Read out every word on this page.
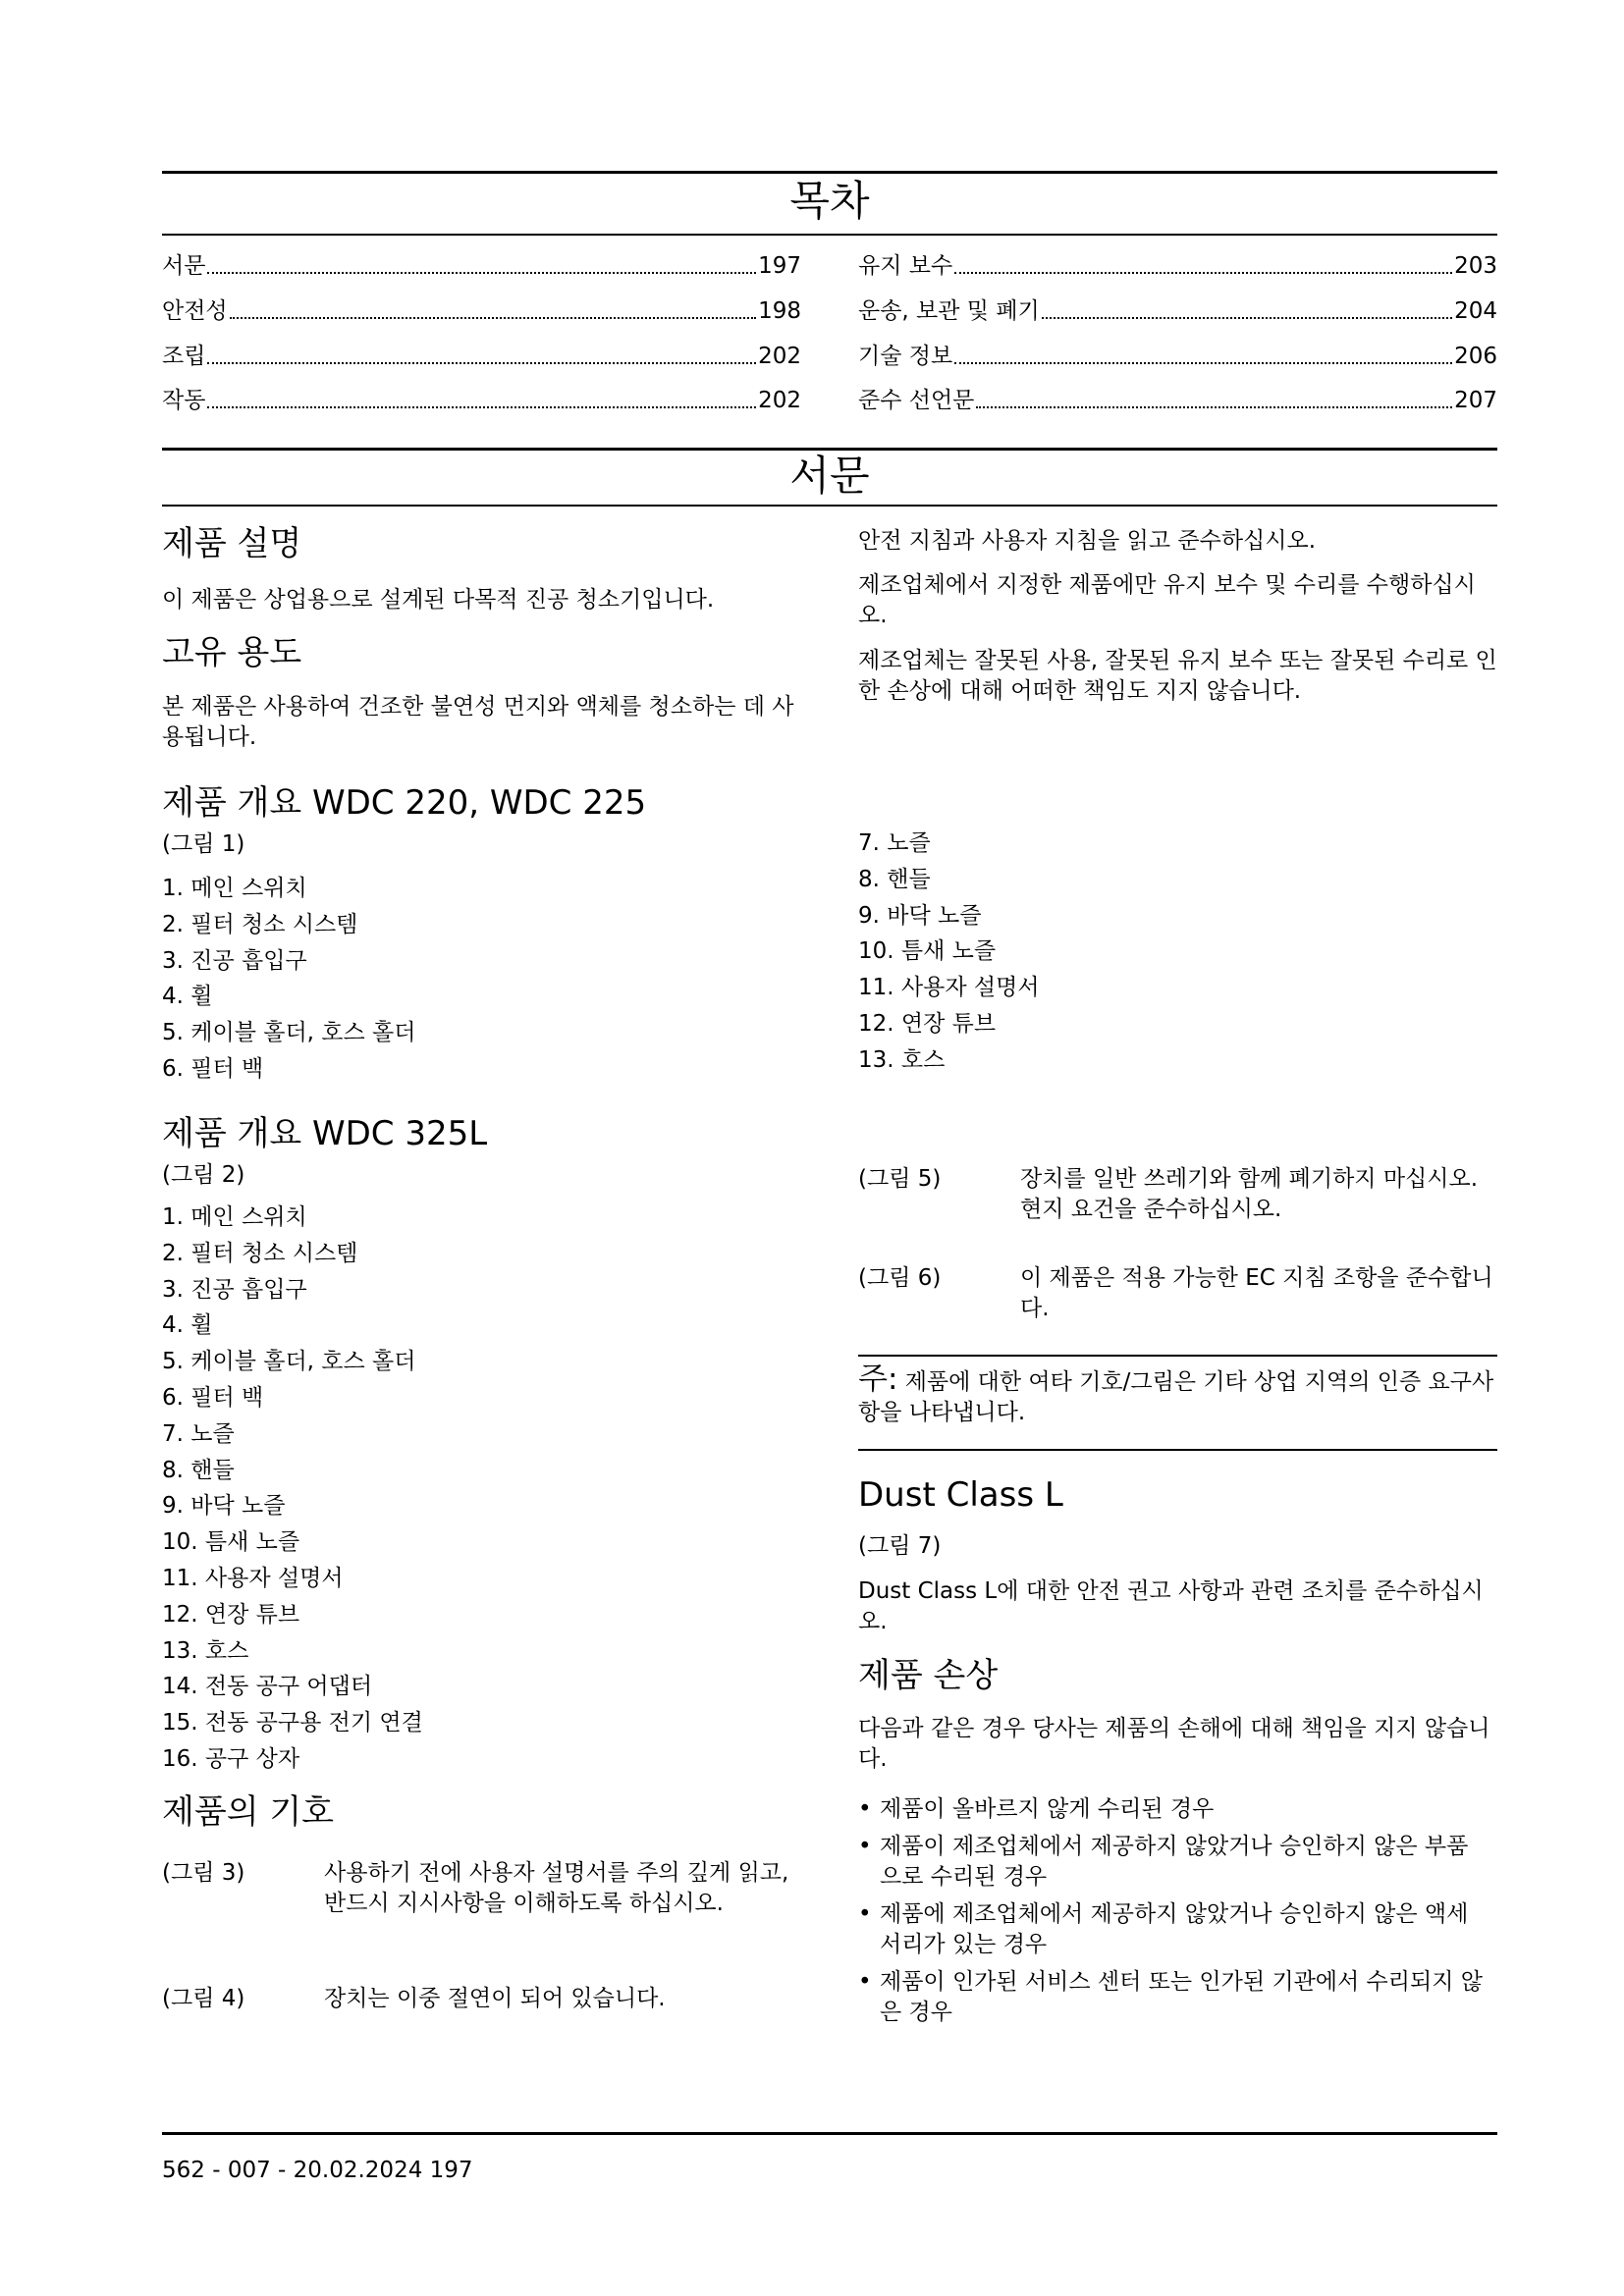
목차
서문	197
안전성	198
조립	202
작동	202
유지 보수	203
운송, 보관 및 폐기	204
기술 정보	206
준수 선언문	207
서문
제품 설명
이 제품은 상업용으로 설계된 다목적 진공 청소기입니다.
고유 용도
본 제품은 사용하여 건조한 불연성 먼지와 액체를 청소하는 데 사용됩니다.
안전 지침과 사용자 지침을 읽고 준수하십시오.
제조업체에서 지정한 제품에만 유지 보수 및 수리를 수행하십시오.
제조업체는 잘못된 사용, 잘못된 유지 보수 또는 잘못된 수리로 인한 손상에 대해 어떠한 책임도 지지 않습니다.
제품 개요 WDC 220, WDC 225
(그림 1)
1. 메인 스위치
2. 필터 청소 시스템
3. 진공 흡입구
4. 휠
5. 케이블 홀더, 호스 홀더
6. 필터 백
7. 노즐
8. 핸들
9. 바닥 노즐
10. 틈새 노즐
11. 사용자 설명서
12. 연장 튜브
13. 호스
제품 개요 WDC 325L
(그림 2)
1. 메인 스위치
2. 필터 청소 시스템
3. 진공 흡입구
4. 휠
5. 케이블 홀더, 호스 홀더
6. 필터 백
7. 노즐
8. 핸들
9. 바닥 노즐
10. 틈새 노즐
11. 사용자 설명서
12. 연장 튜브
13. 호스
14. 전동 공구 어댑터
15. 전동 공구용 전기 연결
16. 공구 상자
제품의 기호
(그림 3)	사용하기 전에 사용자 설명서를 주의 깊게 읽고, 반드시 지시사항을 이해하도록 하십시오.
(그림 4)	장치는 이중 절연이 되어 있습니다.
(그림 5)	장치를 일반 쓰레기와 함께 폐기하지 마십시오. 현지 요건을 준수하십시오.
(그림 6)	이 제품은 적용 가능한 EC 지침 조항을 준수합니다.
주: 제품에 대한 여타 기호/그림은 기타 상업 지역의 인증 요구사항을 나타냅니다.
Dust Class L
(그림 7)
Dust Class L에 대한 안전 권고 사항과 관련 조치를 준수하십시오.
제품 손상
다음과 같은 경우 당사는 제품의 손해에 대해 책임을 지지 않습니다.
• 제품이 올바르지 않게 수리된 경우
• 제품이 제조업체에서 제공하지 않았거나 승인하지 않은 부품으로 수리된 경우
• 제품에 제조업체에서 제공하지 않았거나 승인하지 않은 액세서리가 있는 경우
• 제품이 인가된 서비스 센터 또는 인가된 기관에서 수리되지 않은 경우
562 - 007 - 20.02.2024 197
